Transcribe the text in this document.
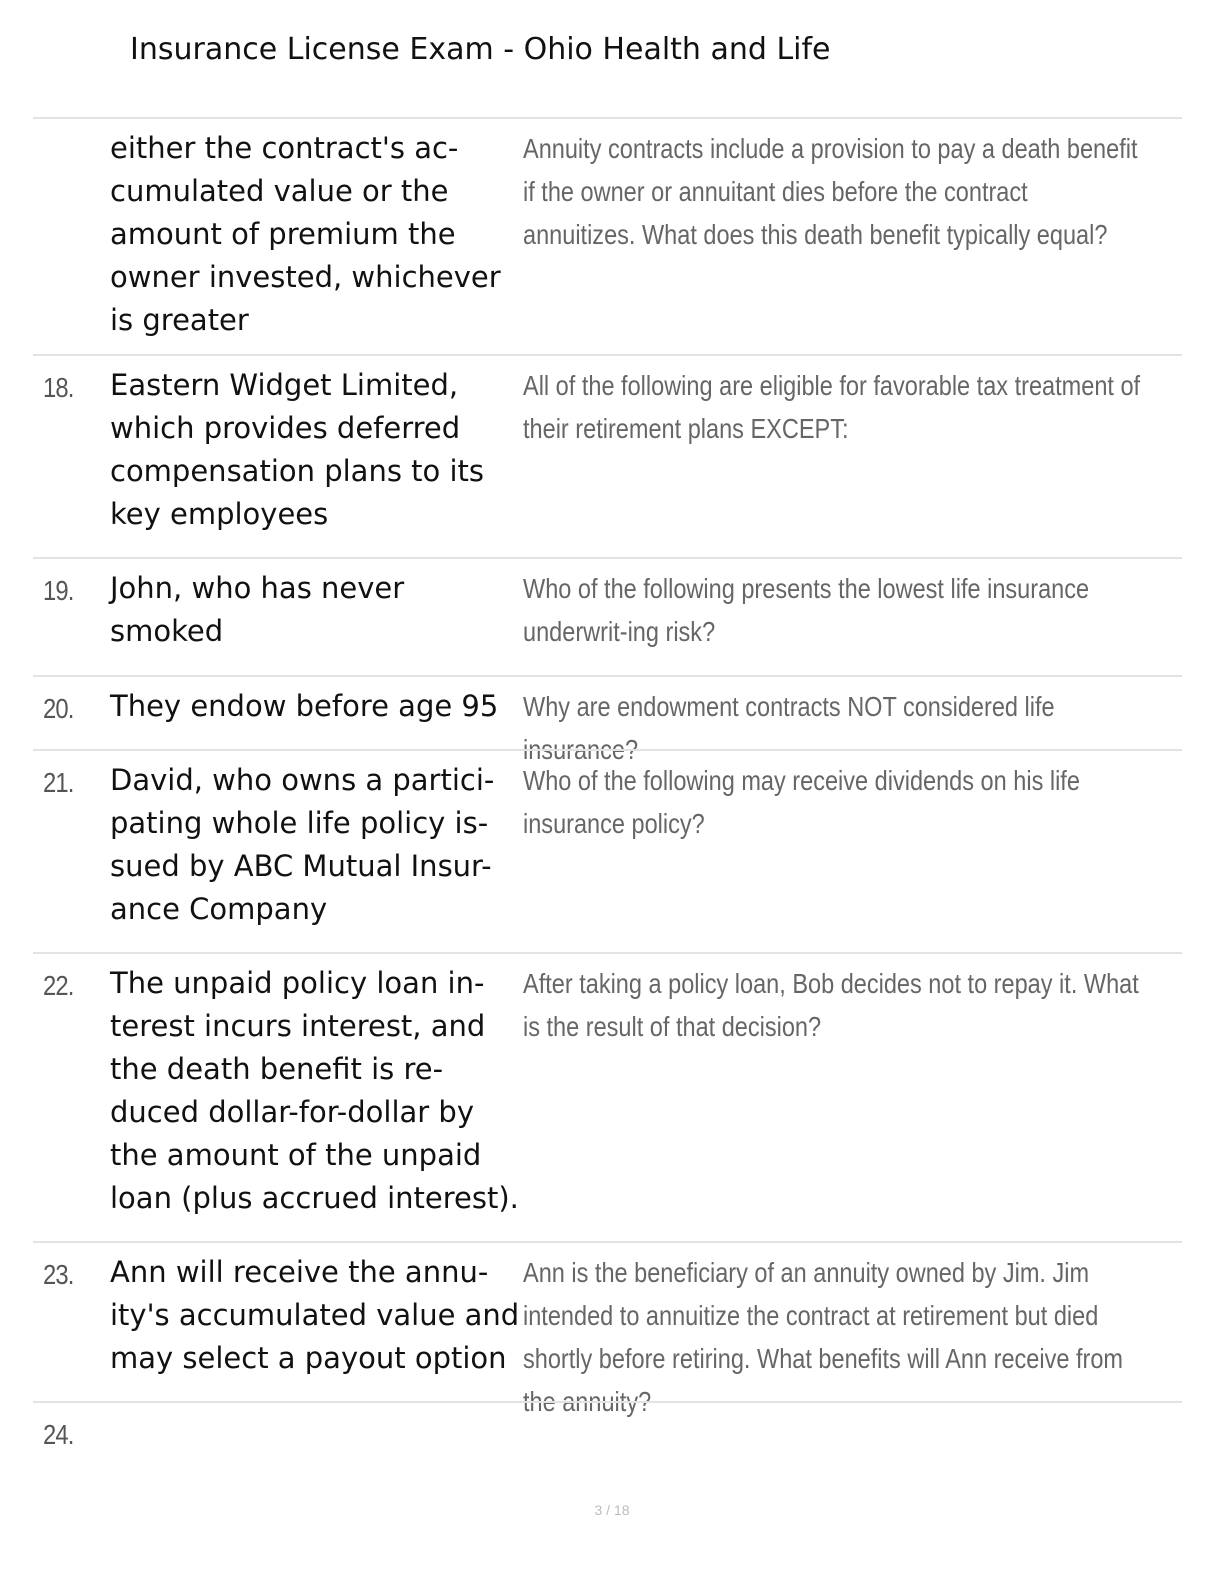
Insurance License Exam - Ohio Health and Life
either the contract's ac-cumulated value or the amount of premium the owner invested, whichever is greater
Annuity contracts include a provision to pay a death benefit if the owner or annuitant dies before the contract annuitizes. What does this death benefit typically equal?
18. Eastern Widget Limited, which provides deferred compensation plans to its key employees
All of the following are eligible for favorable tax treatment of their retirement plans EXCEPT:
19. John, who has never smoked
Who of the following presents the lowest life insurance underwrit-ing risk?
20. They endow before age 95 Why are endowment contracts NOT considered life insurance?
21. David, who owns a partici-pating whole life policy is-sued by ABC Mutual Insur-ance Company
Who of the following may receive dividends on his life insurance policy?
22. The unpaid policy loan in-terest incurs interest, and the death benefit is re-duced dollar-for-dollar by the amount of the unpaid loan (plus accrued interest).
After taking a policy loan, Bob decides not to repay it. What is the result of that decision?
23. Ann will receive the annu-ity's accumulated value and may select a payout option
Ann is the beneficiary of an annuity owned by Jim. Jim intended to annuitize the contract at retirement but died shortly before retiring. What benefits will Ann receive from the annuity?
24.
3 / 18
